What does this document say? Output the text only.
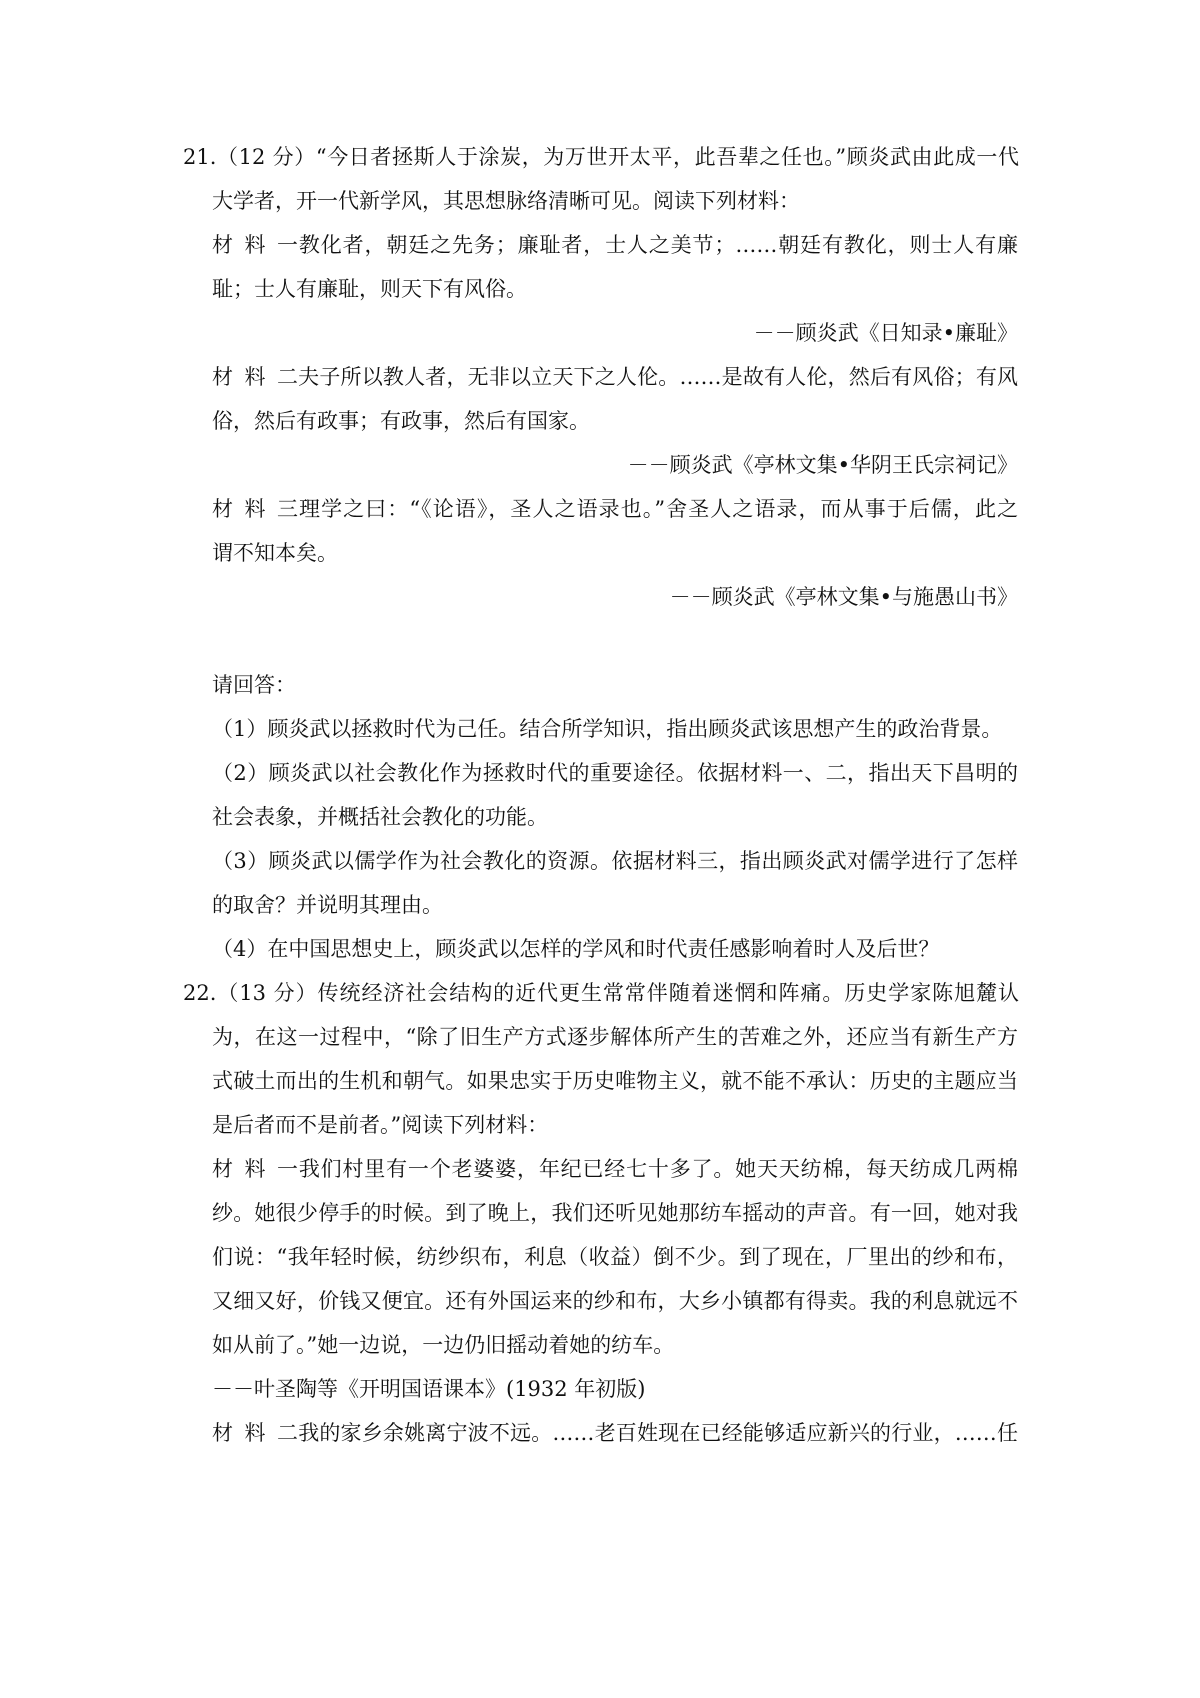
21.（12 分）“今日者拯斯人于涂炭，为万世开太平，此吾辈之任也。”顾炎武由此成一代
大学者，开一代新学风，其思想脉络清晰可见。阅读下列材料：
材料一教化者，朝廷之先务；廉耻者，士人之美节；……朝廷有教化，则士人有廉
耻；士人有廉耻，则天下有风俗。
－－顾炎武《日知录•廉耻》
材料二夫子所以教人者，无非以立天下之人伦。……是故有人伦，然后有风俗；有风
俗，然后有政事；有政事，然后有国家。
－－顾炎武《亭林文集•华阴王氏宗祠记》
材料三理学之曰：“《论语》，圣人之语录也。”舍圣人之语录，而从事于后儒，此之
谓不知本矣。
－－顾炎武《亭林文集•与施愚山书》
请回答：
（1）顾炎武以拯救时代为己任。结合所学知识，指出顾炎武该思想产生的政治背景。
（2）顾炎武以社会教化作为拯救时代的重要途径。依据材料一、二，指出天下昌明的
社会表象，并概括社会教化的功能。
（3）顾炎武以儒学作为社会教化的资源。依据材料三，指出顾炎武对儒学进行了怎样
的取舍？并说明其理由。
（4）在中国思想史上，顾炎武以怎样的学风和时代责任感影响着时人及后世？
22.（13 分）传统经济社会结构的近代更生常常伴随着迷惘和阵痛。历史学家陈旭麓认
为，在这一过程中，“除了旧生产方式逐步解体所产生的苦难之外，还应当有新生产方
式破土而出的生机和朝气。如果忠实于历史唯物主义，就不能不承认：历史的主题应当
是后者而不是前者。”阅读下列材料：
材料一我们村里有一个老婆婆，年纪已经七十多了。她天天纺棉，每天纺成几两棉
纱。她很少停手的时候。到了晚上，我们还听见她那纺车摇动的声音。有一回，她对我
们说：“我年轻时候，纺纱织布，利息（收益）倒不少。到了现在，厂里出的纱和布，
又细又好，价钱又便宜。还有外国运来的纱和布，大乡小镇都有得卖。我的利息就远不
如从前了。”她一边说，一边仍旧摇动着她的纺车。
－－叶圣陶等《开明国语课本》(1932 年初版)
材料二我的家乡余姚离宁波不远。……老百姓现在已经能够适应新兴的行业，……任
